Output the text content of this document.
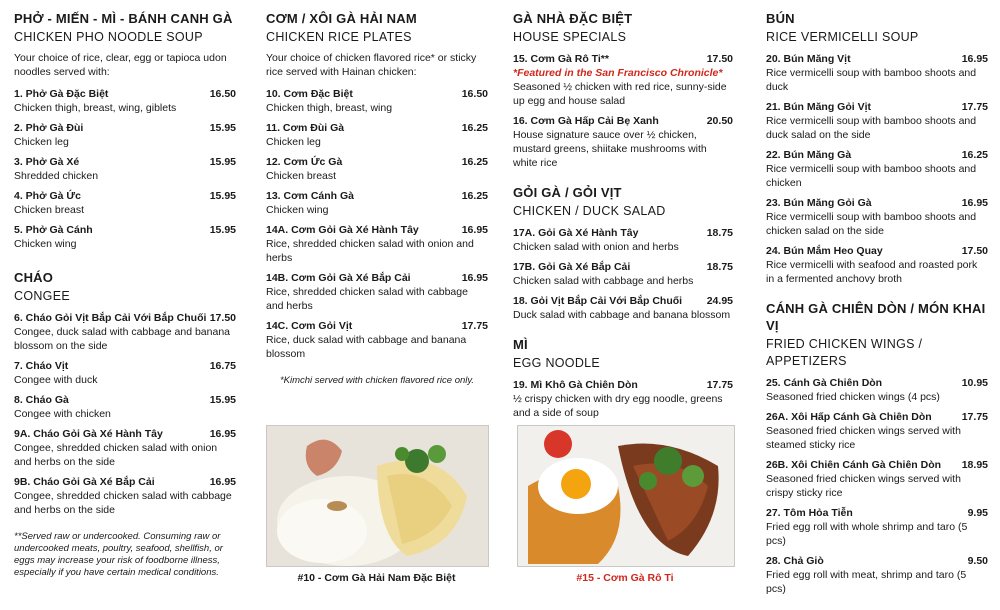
PHỞ - MIẾN - MÌ - BÁNH CANH GÀ
CHICKEN PHO NOODLE SOUP

Your choice of rice, clear, egg or tapioca udon noodles served with:

1. Phở Gà Đặc Biệt	16.50
Chicken thigh, breast, wing, giblets
2. Phở Gà Đùi	15.95
Chicken leg
3. Phở Gà Xé	15.95
Shredded chicken
4. Phở Gà Ức	15.95
Chicken breast
5. Phở Gà Cánh	15.95
Chicken wing
CHÁO
CONGEE
6. Cháo Gỏi Vịt Bắp Cải Với Bắp Chuối 17.50
Congee, duck salad with cabbage and banana blossom on the side
7. Cháo Vịt	16.75
Congee with duck
8. Cháo Gà	15.95
Congee with chicken
9A. Cháo Gỏi Gà Xé Hành Tây	16.95
Congee, shredded chicken salad with onion and herbs on the side
9B. Cháo Gỏi Gà Xé Bắp Cải	16.95
Congee, shredded chicken salad with cabbage and herbs on the side
**Served raw or undercooked. Consuming raw or undercooked meats, poultry, seafood, shellfish, or eggs may increase your risk of foodborne illness, especially if you have certain medical conditions.
CƠM / XÔI GÀ HẢI NAM
CHICKEN RICE PLATES

Your choice of chicken flavored rice* or sticky rice served with Hainan chicken:

10. Cơm Đặc Biệt	16.50
Chicken thigh, breast, wing
11. Cơm Đùi Gà	16.25
Chicken leg
12. Cơm Ức Gà	16.25
Chicken breast
13. Cơm Cánh Gà	16.25
Chicken wing
14A. Cơm Gỏi Gà Xé Hành Tây	16.95
Rice, shredded chicken salad with onion and herbs
14B. Cơm Gỏi Gà Xé Bắp Cải	16.95
Rice, shredded chicken salad with cabbage and herbs
14C. Cơm Gỏi Vịt	17.75
Rice, duck salad with cabbage and banana blossom
*Kimchi served with chicken flavored rice only.
#10 - Cơm Gà Hải Nam Đặc Biệt
GÀ NHÀ ĐẶC BIỆT
HOUSE SPECIALS
15. Cơm Gà Rô Ti**	17.50
*Featured in the San Francisco Chronicle*
Seasoned ½ chicken with red rice, sunny-side up egg and house salad
16. Cơm Gà Hấp Cải Bẹ Xanh	20.50
House signature sauce over ½ chicken, mustard greens, shiitake mushrooms with white rice
GỎI GÀ / GỎI VỊT
CHICKEN / DUCK SALAD
17A. Gỏi Gà Xé Hành Tây	18.75
Chicken salad with onion and herbs
17B. Gỏi Gà Xé Bắp Cải	18.75
Chicken salad with cabbage and herbs
18. Gỏi Vịt Bắp Cải Với Bắp Chuối 24.95
Duck salad with cabbage and banana blossom
MÌ
EGG NOODLE
19. Mì Khô Gà Chiên Dòn	17.75
½ crispy chicken with dry egg noodle, greens and a side of soup
#15 - Cơm Gà Rô Ti
BÚN
RICE VERMICELLI SOUP
20. Bún Măng Vịt	16.95
Rice vermicelli soup with bamboo shoots and duck
21. Bún Măng Gỏi Vịt	17.75
Rice vermicelli soup with bamboo shoots and duck salad on the side
22. Bún Măng Gà	16.25
Rice vermicelli soup with bamboo shoots and chicken
23. Bún Măng Gỏi Gà	16.95
Rice vermicelli soup with bamboo shoots and chicken salad on the side
24. Bún Mắm Heo Quay	17.50
Rice vermicelli with seafood and roasted pork in a fermented anchovy broth
CÁNH GÀ CHIÊN DÒN / MÓN KHAI VỊ
FRIED CHICKEN WINGS / APPETIZERS
25. Cánh Gà Chiên Dòn	10.95
Seasoned fried chicken wings (4 pcs)
26A. Xôi Hấp Cánh Gà Chiên Dòn	17.75
Seasoned fried chicken wings served with steamed sticky rice
26B. Xôi Chiên Cánh Gà Chiên Dòn 18.95
Seasoned fried chicken wings served with crispy sticky rice
27. Tôm Hỏa Tiễn	9.95
Fried egg roll with whole shrimp and taro (5 pcs)
28. Chả Giò	9.50
Fried egg roll with meat, shrimp and taro (5 pcs)
